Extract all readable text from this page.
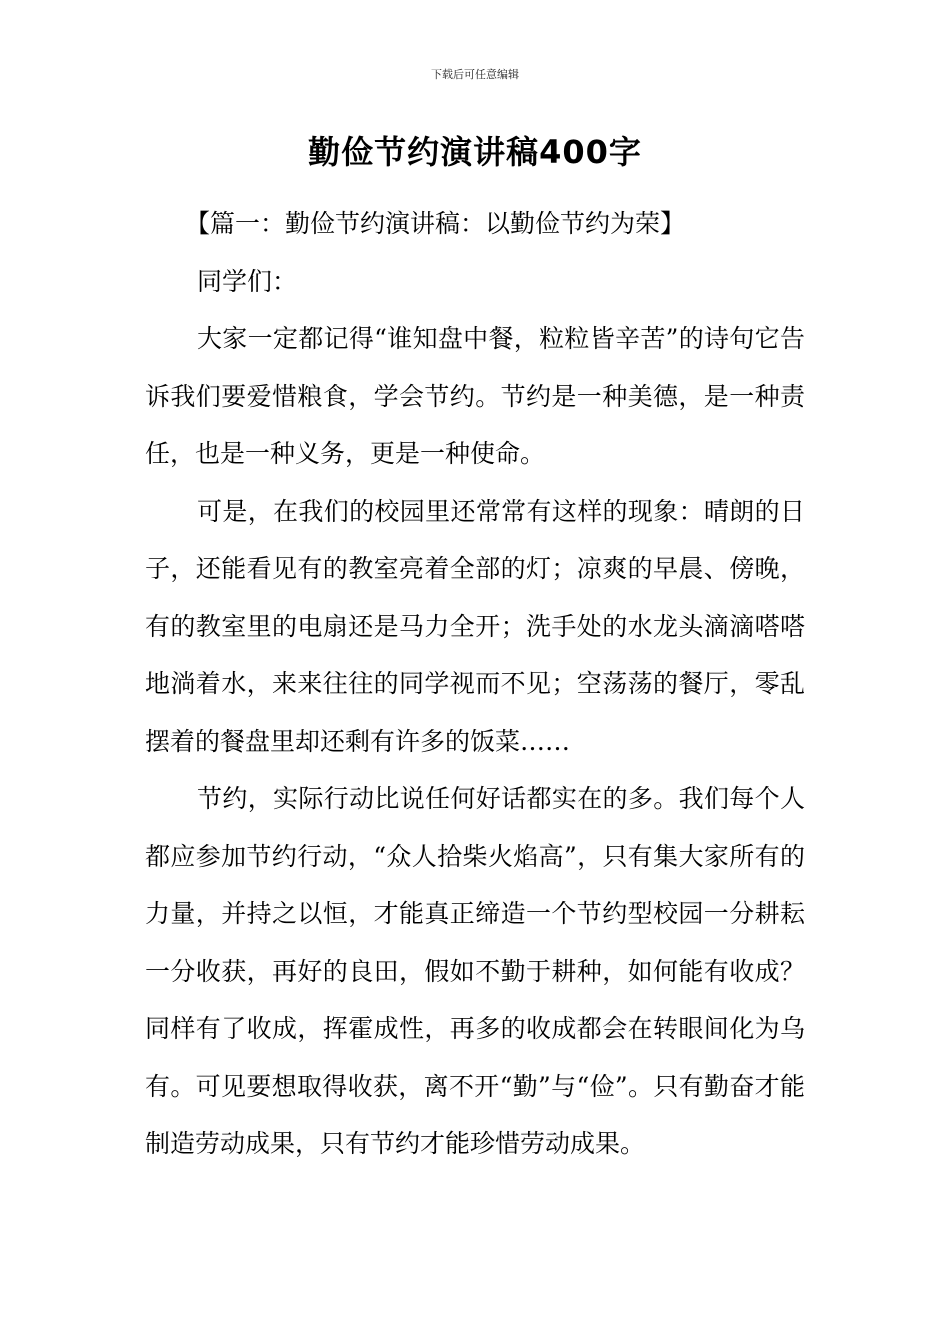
下载后可任意编辑
勤俭节约演讲稿400字

【篇一：勤俭节约演讲稿：以勤俭节约为荣】

同学们：

大家一定都记得“谁知盘中餐，粒粒皆辛苦”的诗句它告诉我们要爱惜粮食，学会节约。节约是一种美德，是一种责任，也是一种义务，更是一种使命。

可是，在我们的校园里还常常有这样的现象：晴朗的日子，还能看见有的教室亮着全部的灯；凉爽的早晨、傍晚，有的教室里的电扇还是马力全开；洗手处的水龙头滴滴嗒嗒地淌着水，来来往往的同学视而不见；空荡荡的餐厅，零乱摆着的餐盘里却还剩有许多的饭菜……

节约，实际行动比说任何好话都实在的多。我们每个人都应参加节约行动，“众人拾柴火焰高”，只有集大家所有的力量，并持之以恒，才能真正缔造一个节约型校园一分耕耘一分收获，再好的良田，假如不勤于耕种，如何能有收成？同样有了收成，挥霍成性，再多的收成都会在转眼间化为乌有。可见要想取得收获，离不开“勤”与“俭”。只有勤奋才能制造劳动成果，只有节约才能珍惜劳动成果。
